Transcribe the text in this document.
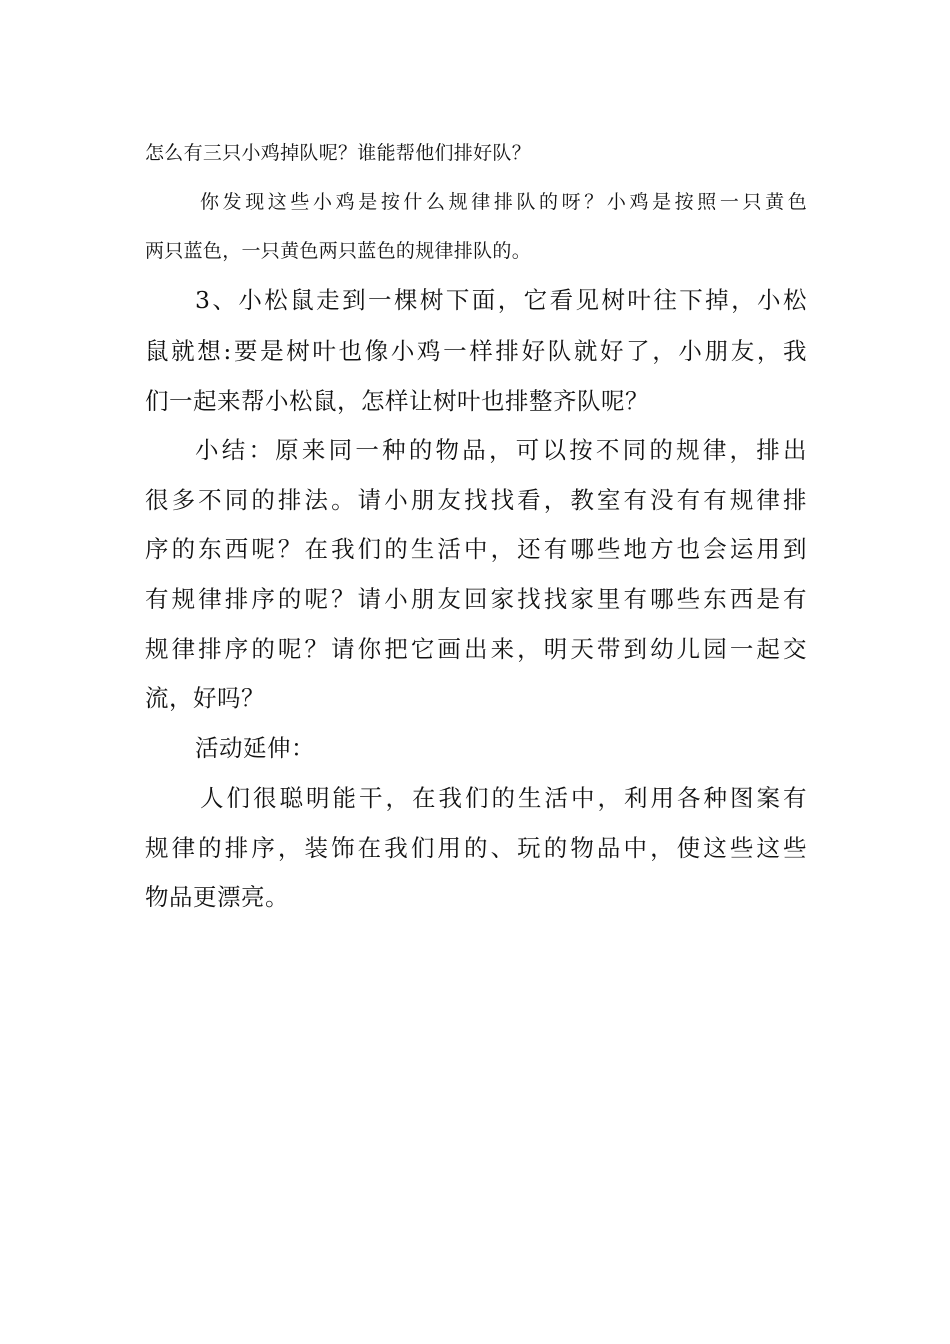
怎么有三只小鸡掉队呢？谁能帮他们排好队？
你发现这些小鸡是按什么规律排队的呀？小鸡是按照一只黄色
两只蓝色，一只黄色两只蓝色的规律排队的。
3、小松鼠走到一棵树下面，它看见树叶往下掉，小松
鼠就想:要是树叶也像小鸡一样排好队就好了，小朋友，我
们一起来帮小松鼠，怎样让树叶也排整齐队呢？
小结：原来同一种的物品，可以按不同的规律，排出
很多不同的排法。请小朋友找找看，教室有没有有规律排
序的东西呢？在我们的生活中，还有哪些地方也会运用到
有规律排序的呢？请小朋友回家找找家里有哪些东西是有
规律排序的呢？请你把它画出来，明天带到幼儿园一起交
流，好吗？
活动延伸：
人们很聪明能干，在我们的生活中，利用各种图案有
规律的排序，装饰在我们用的、玩的物品中，使这些这些
物品更漂亮。
